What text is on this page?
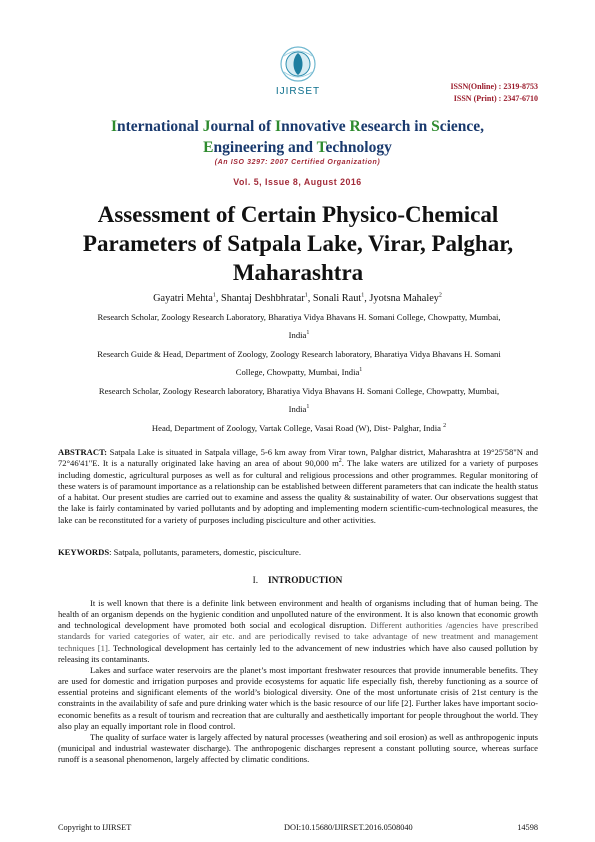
IJIRSET	ISSN(Online) : 2319-8753
ISSN (Print) : 2347-6710
International Journal of Innovative Research in Science,
Engineering and Technology
(An ISO 3297: 2007 Certified Organization)
Vol. 5, Issue 8, August 2016
Assessment of Certain Physico-Chemical Parameters of Satpala Lake, Virar, Palghar, Maharashtra
Gayatri Mehta$^1$, Shantaj Deshbhratar$^1$, Sonali Raut$^1$, Jyotsna Mahaley$^2$
Research Scholar, Zoology Research Laboratory, Bharatiya Vidya Bhavans H. Somani College, Chowpatty, Mumbai,
India$^1$
Research Guide & Head, Department of Zoology, Zoology Research laboratory, Bharatiya Vidya Bhavans H. Somani
College, Chowpatty, Mumbai, India$^1$
Research Scholar, Zoology Research laboratory, Bharatiya Vidya Bhavans H. Somani College, Chowpatty, Mumbai,
India$^1$
Head, Department of Zoology, Vartak College, Vasai Road (W), Dist- Palghar, India $^2$
ABSTRACT: Satpala Lake is situated in Satpala village, 5-6 km away from Virar town, Palghar district, Maharashtra at 19°25'58"N and 72°46'41"E. It is a naturally originated lake having an area of about 90,000 $m^2$. The lake waters are utilized for a variety of purposes including domestic, agricultural purposes as well as for cultural and religious processions and other programmes. Regular monitoring of these waters is of paramount importance as a relationship can be established between different parameters that can indicate the health status of a habitat. Our present studies are carried out to examine and assess the quality & sustainability of water. Our observations suggest that the lake is fairly contaminated by varied pollutants and by adopting and implementing modern scientific-cum-technological measures, the lake can be reconstituted for a variety of purposes including pisciculture and other activities.
KEYWORDS: Satpala, pollutants, parameters, domestic, pisciculture.
I. INTRODUCTION

It is well known that there is a definite link between environment and health of organisms including that of human being. The health of an organism depends on the hygienic condition and unpolluted nature of the environment. It is also known that economic growth and technological development have promoted both social and ecological disruption. Different authorities /agencies have prescribed standards for varied categories of water, air etc. and are periodically revised to take advantage of new treatment and management techniques [1]. Technological development has certainly led to the advancement of new industries which have also caused pollution by releasing its contaminants.

Lakes and surface water reservoirs are the planet’s most important freshwater resources that provide innumerable benefits. They are used for domestic and irrigation purposes and provide ecosystems for aquatic life especially fish, thereby functioning as a source of essential proteins and significant elements of the world’s biological diversity. One of the most unfortunate crisis of 21st century is the constraints in the availability of safe and pure drinking water which is the basic resource of our life [2]. Further lakes have important socio- economic benefits as a result of tourism and recreation that are culturally and aesthetically important for people throughout the world. They also play an equally important role in flood control.

The quality of surface water is largely affected by natural processes (weathering and soil erosion) as well as anthropogenic inputs (municipal and industrial wastewater discharge). The anthropogenic discharges represent a constant polluting source, whereas surface runoff is a seasonal phenomenon, largely affected by climatic conditions.

Copyright to IJIRSET	DOI:10.15680/IJIRSET.2016.0508040	14598
